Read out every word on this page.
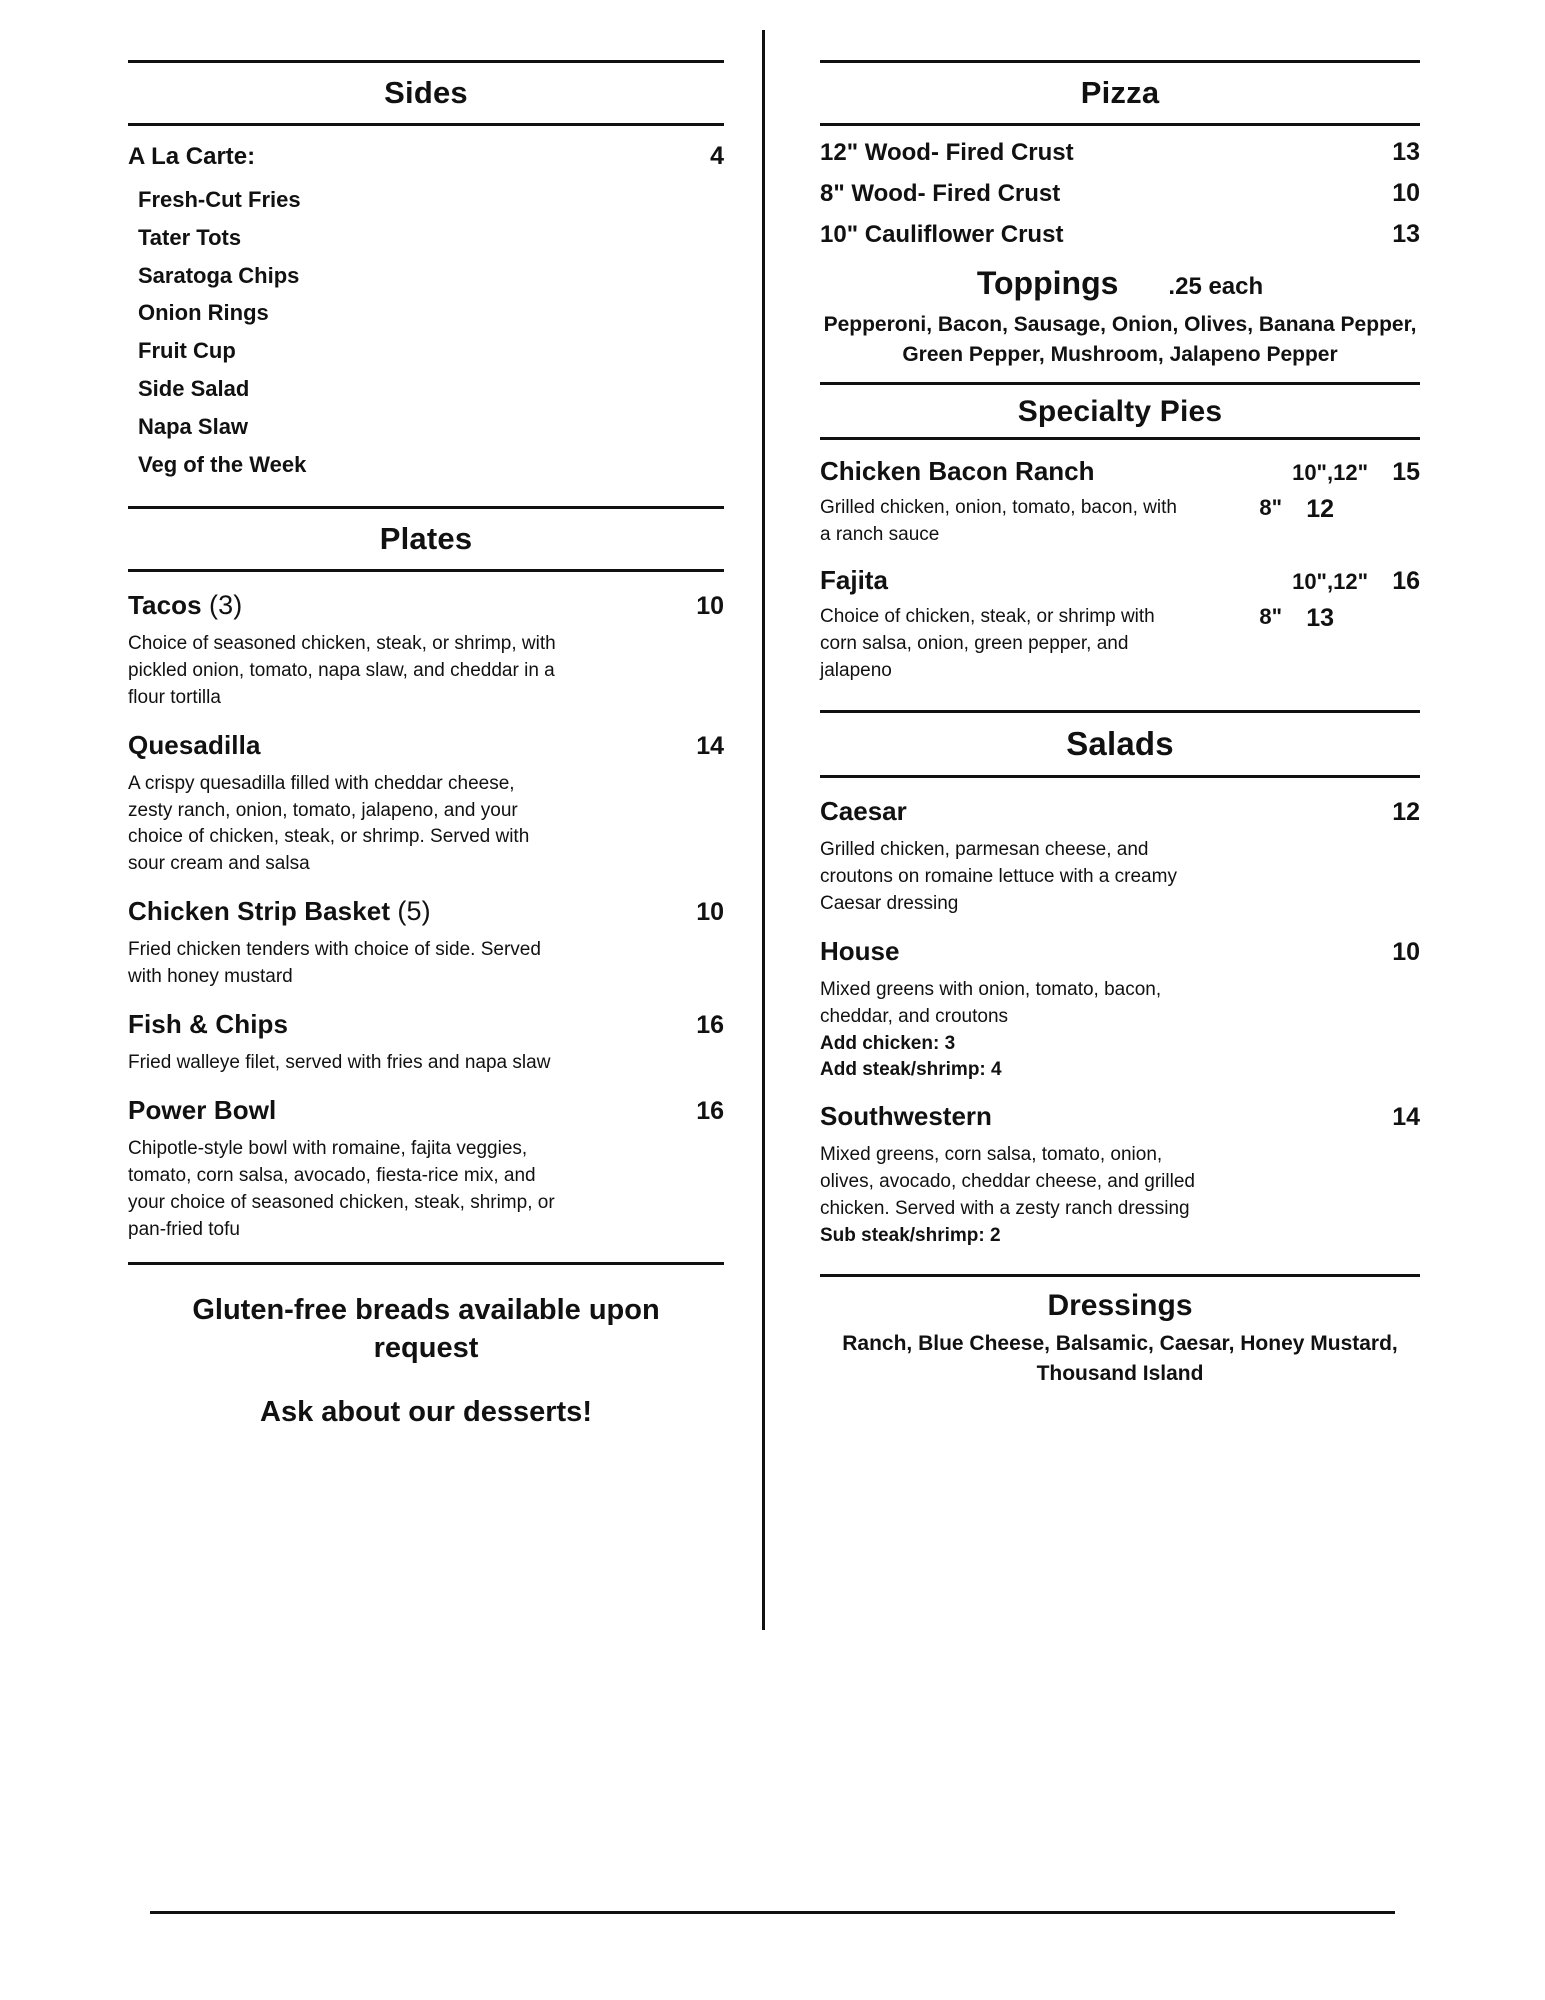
Sides
A La Carte:	4
Fresh-Cut Fries
Tater Tots
Saratoga Chips
Onion Rings
Fruit Cup
Side Salad
Napa Slaw
Veg of the Week
Plates
Tacos (3)	10
Choice of seasoned chicken, steak, or shrimp, with pickled onion, tomato, napa slaw, and cheddar in a flour tortilla
Quesadilla	14
A crispy quesadilla filled with cheddar cheese, zesty ranch, onion, tomato, jalapeno, and your choice of chicken, steak, or shrimp. Served with sour cream and salsa
Chicken Strip Basket (5)	10
Fried chicken tenders with choice of side. Served with honey mustard
Fish & Chips	16
Fried walleye filet, served with fries and napa slaw
Power Bowl	16
Chipotle-style bowl with romaine, fajita veggies, tomato, corn salsa, avocado, fiesta-rice mix, and your choice of seasoned chicken, steak, shrimp, or pan-fried tofu
Gluten-free breads available upon request
Ask about our desserts!
Pizza
12" Wood- Fired Crust	13
8" Wood- Fired Crust	10
10" Cauliflower Crust	13
Toppings .25 each
Pepperoni, Bacon, Sausage, Onion, Olives, Banana Pepper, Green Pepper, Mushroom, Jalapeno Pepper
Specialty Pies
Chicken Bacon Ranch	10",12" 15
Grilled chicken, onion, tomato, bacon, with a ranch sauce
8" 12
Fajita	10",12" 16
Choice of chicken, steak, or shrimp with corn salsa, onion, green pepper, and jalapeno
8" 13
Salads
Caesar	12
Grilled chicken, parmesan cheese, and croutons on romaine lettuce with a creamy Caesar dressing
House	10
Mixed greens with onion, tomato, bacon, cheddar, and croutons
Add chicken: 3
Add steak/shrimp: 4
Southwestern	14
Mixed greens, corn salsa, tomato, onion, olives, avocado, cheddar cheese, and grilled chicken. Served with a zesty ranch dressing
Sub steak/shrimp: 2
Dressings
Ranch, Blue Cheese, Balsamic, Caesar, Honey Mustard, Thousand Island
